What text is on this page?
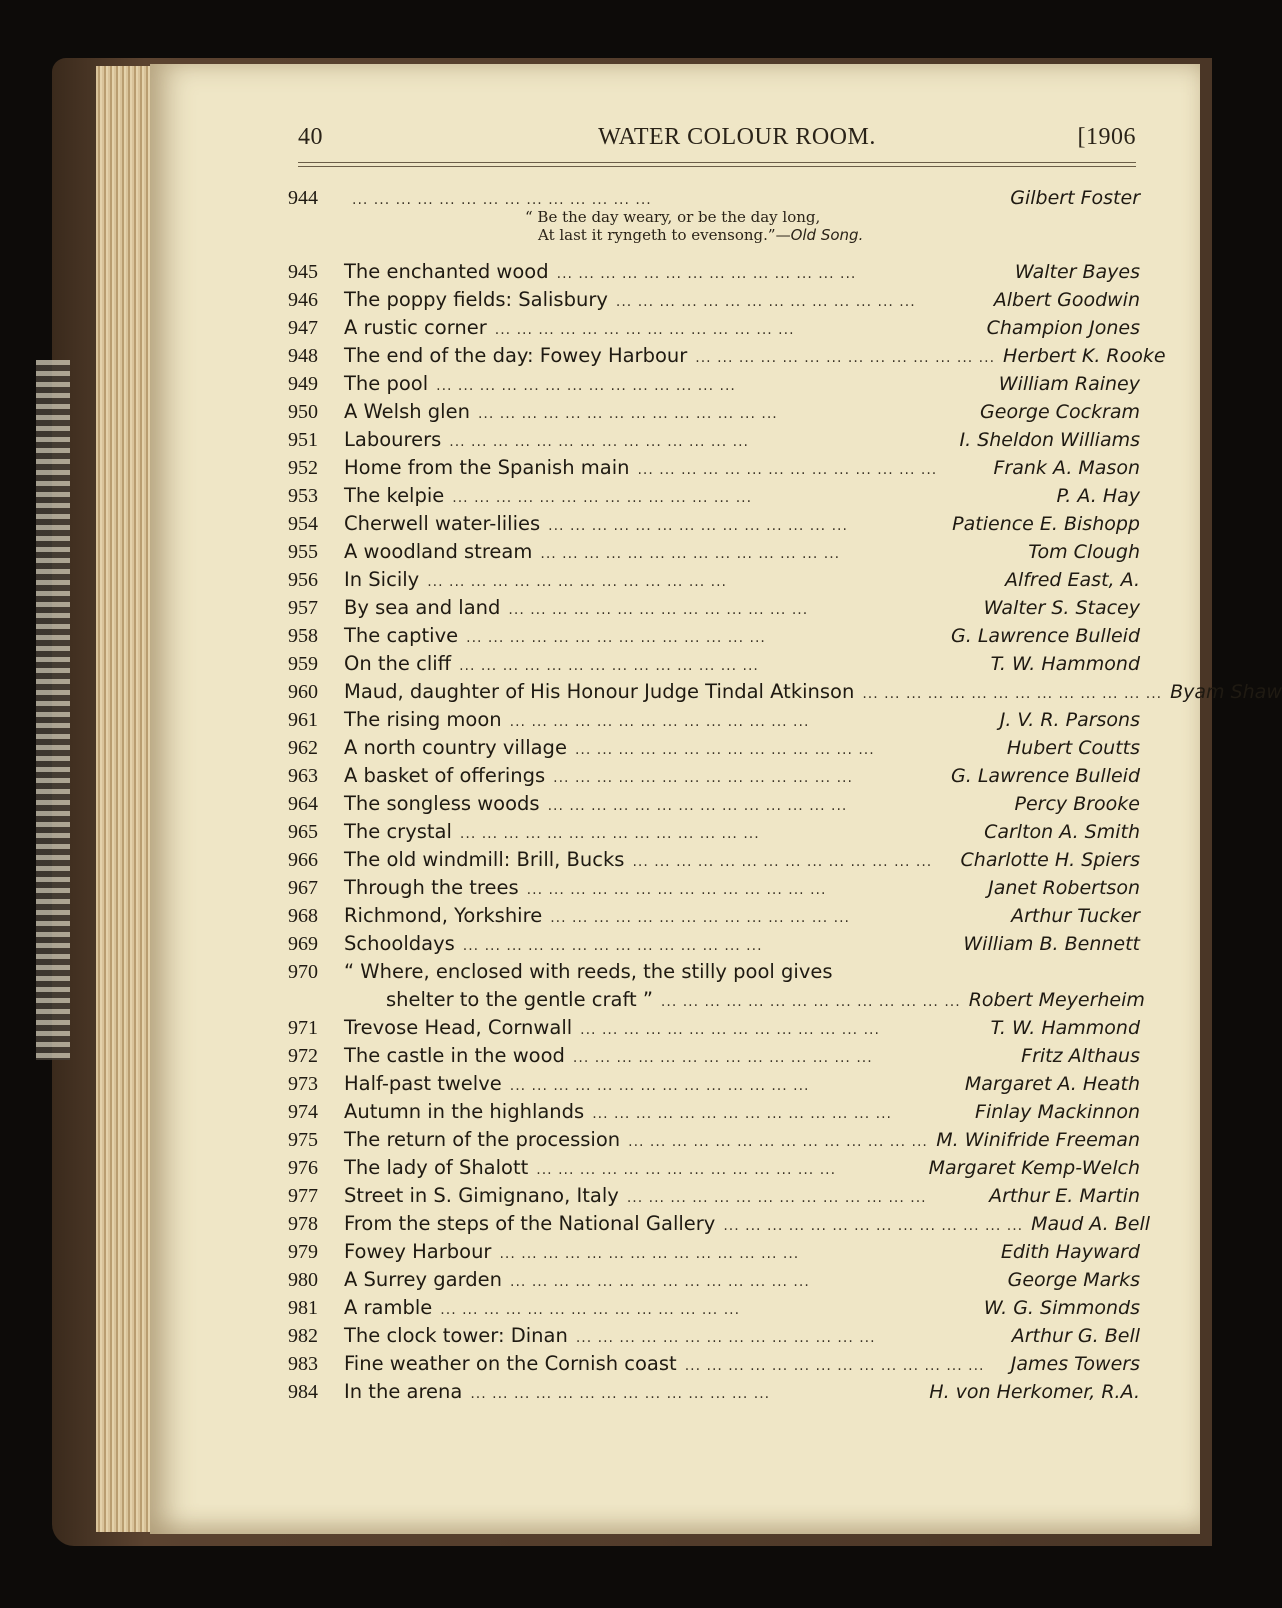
40	WATER COLOUR ROOM.	[1906
944	... ... ... ... ... ... ... ... ... ... ... ... ... ...	Gilbert Foster
“ Be the day weary, or be the day long,
At last it ryngeth to evensong.”—Old Song.
945	The enchanted wood ... ... ... ... ... ... ... ... ... ... ... ... ... ...	Walter Bayes
946	The poppy fields: Salisbury ... ... ... ... ... ... ... ... ... ... ... ... ... ...	Albert Goodwin
947	A rustic corner ... ... ... ... ... ... ... ... ... ... ... ... ... ...	Champion Jones
948	The end of the day: Fowey Harbour ... ... ... ... ... ... ... ... ... ... ... ... ... ... Herbert K. Rooke
949	The pool ... ... ... ... ... ... ... ... ... ... ... ... ... ...	William Rainey
950	A Welsh glen ... ... ... ... ... ... ... ... ... ... ... ... ... ...	George Cockram
951	Labourers ... ... ... ... ... ... ... ... ... ... ... ... ... ...	I. Sheldon Williams
952	Home from the Spanish main ... ... ... ... ... ... ... ... ... ... ... ... ... ...	Frank A. Mason
953	The kelpie ... ... ... ... ... ... ... ... ... ... ... ... ... ...	P. A. Hay
954	Cherwell water-lilies ... ... ... ... ... ... ... ... ... ... ... ... ... ...	Patience E. Bishopp
955	A woodland stream ... ... ... ... ... ... ... ... ... ... ... ... ... ...	Tom Clough
956	In Sicily ... ... ... ... ... ... ... ... ... ... ... ... ... ...	Alfred East, A.
957	By sea and land ... ... ... ... ... ... ... ... ... ... ... ... ... ...	Walter S. Stacey
958	The captive ... ... ... ... ... ... ... ... ... ... ... ... ... ...	G. Lawrence Bulleid
959	On the cliff ... ... ... ... ... ... ... ... ... ... ... ... ... ...	T. W. Hammond
960	Maud, daughter of His Honour Judge Tindal Atkinson ... ... ... ... ... ... ... ... ... ... ... ... ... ... Byam Shaw
961	The rising moon ... ... ... ... ... ... ... ... ... ... ... ... ... ...	J. V. R. Parsons
962	A north country village ... ... ... ... ... ... ... ... ... ... ... ... ... ...	Hubert Coutts
963	A basket of offerings ... ... ... ... ... ... ... ... ... ... ... ... ... ...	G. Lawrence Bulleid
964	The songless woods ... ... ... ... ... ... ... ... ... ... ... ... ... ...	Percy Brooke
965	The crystal ... ... ... ... ... ... ... ... ... ... ... ... ... ...	Carlton A. Smith
966	The old windmill: Brill, Bucks ... ... ... ... ... ... ... ... ... ... ... ... ... ...	Charlotte H. Spiers
967	Through the trees ... ... ... ... ... ... ... ... ... ... ... ... ... ...	Janet Robertson
968	Richmond, Yorkshire ... ... ... ... ... ... ... ... ... ... ... ... ... ...	Arthur Tucker
969	Schooldays ... ... ... ... ... ... ... ... ... ... ... ... ... ...	William B. Bennett
970	“ Where, enclosed with reeds, the stilly pool gives
shelter to the gentle craft ” ... ... ... ... ... ... ... ... ... ... ... ... ... ... Robert Meyerheim
971	Trevose Head, Cornwall ... ... ... ... ... ... ... ... ... ... ... ... ... ...	T. W. Hammond
972	The castle in the wood ... ... ... ... ... ... ... ... ... ... ... ... ... ...	Fritz Althaus
973	Half-past twelve ... ... ... ... ... ... ... ... ... ... ... ... ... ...	Margaret A. Heath
974	Autumn in the highlands ... ... ... ... ... ... ... ... ... ... ... ... ... ...	Finlay Mackinnon
975	The return of the procession ... ... ... ... ... ... ... ... ... ... ... ... ... ... M. Winifride Freeman
976	The lady of Shalott ... ... ... ... ... ... ... ... ... ... ... ... ... ...	Margaret Kemp-Welch
977	Street in S. Gimignano, Italy ... ... ... ... ... ... ... ... ... ... ... ... ... ...	Arthur E. Martin
978	From the steps of the National Gallery ... ... ... ... ... ... ... ... ... ... ... ... ... ... Maud A. Bell
979	Fowey Harbour ... ... ... ... ... ... ... ... ... ... ... ... ... ...	Edith Hayward
980	A Surrey garden ... ... ... ... ... ... ... ... ... ... ... ... ... ...	George Marks
981	A ramble ... ... ... ... ... ... ... ... ... ... ... ... ... ...	W. G. Simmonds
982	The clock tower: Dinan ... ... ... ... ... ... ... ... ... ... ... ... ... ...	Arthur G. Bell
983	Fine weather on the Cornish coast ... ... ... ... ... ... ... ... ... ... ... ... ... ...	James Towers
984	In the arena ... ... ... ... ... ... ... ... ... ... ... ... ... ...	H. von Herkomer, R.A.
